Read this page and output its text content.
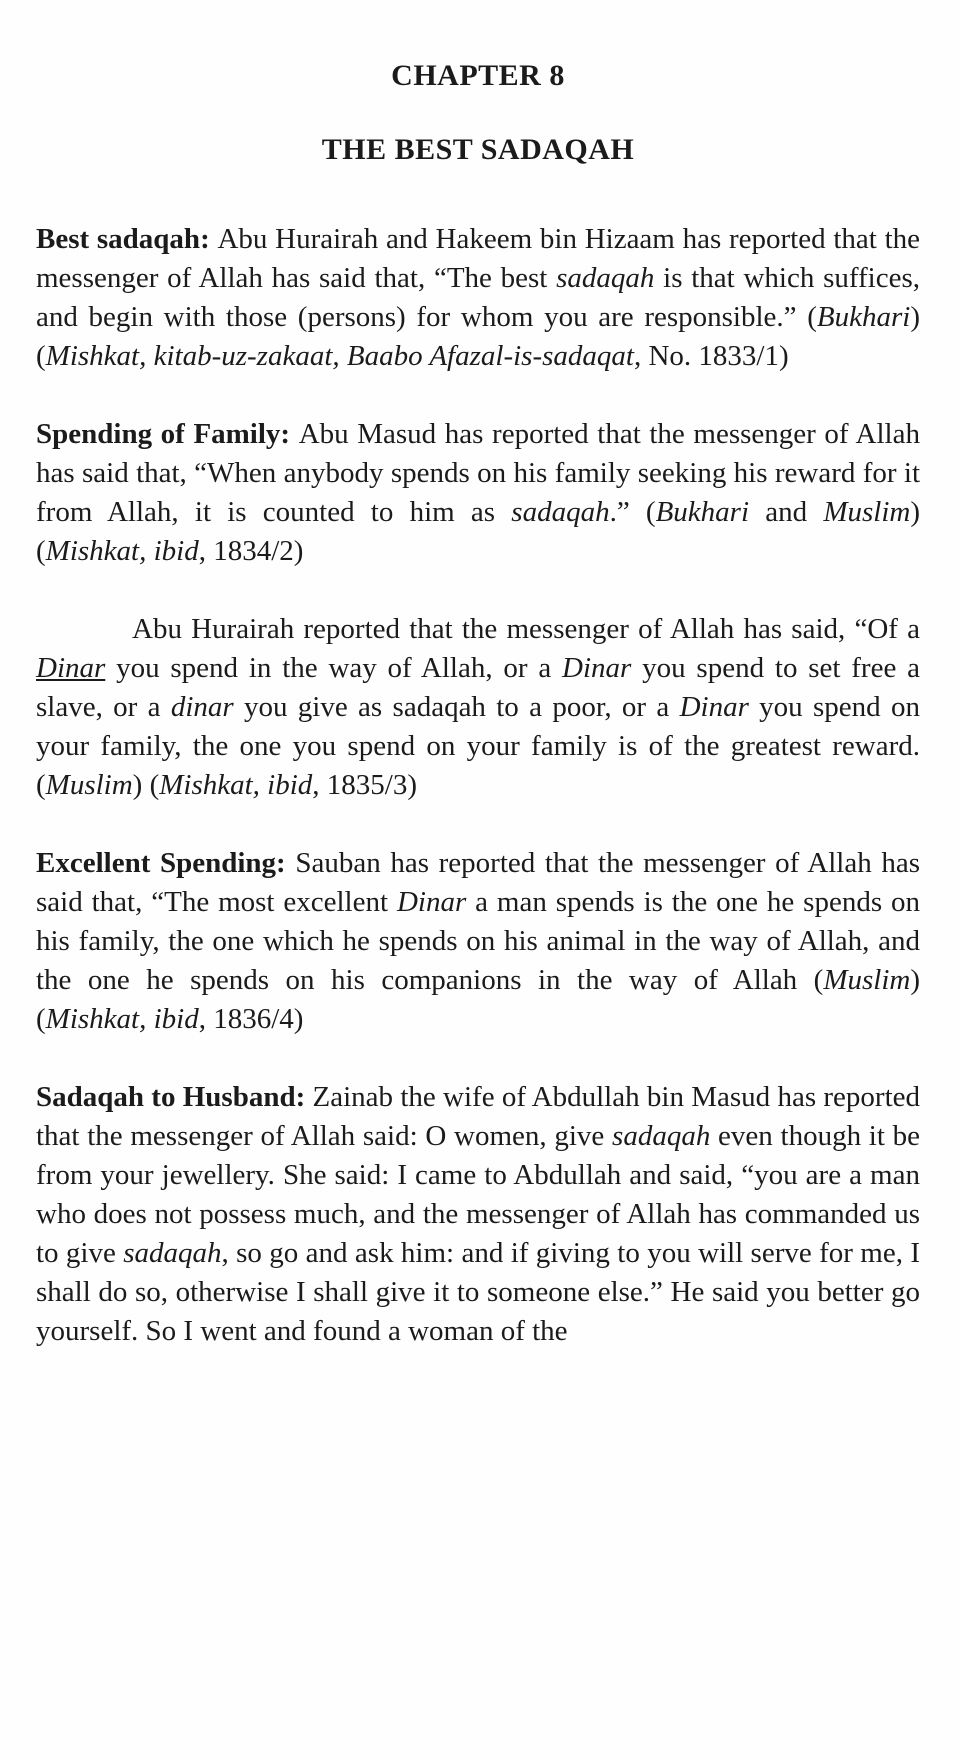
CHAPTER 8
THE BEST SADAQAH

Best sadaqah: Abu Hurairah and Hakeem bin Hizaam has reported that the messenger of Allah has said that, “The best sadaqah is that which suffices, and begin with those (persons) for whom you are responsible.” (Bukhari) (Mishkat, kitab-uz-zakaat, Baabo Afazal-is-sadaqat, No. 1833/1)

Spending of Family: Abu Masud has reported that the messenger of Allah has said that, “When anybody spends on his family seeking his reward for it from Allah, it is counted to him as sadaqah.” (Bukhari and Muslim) (Mishkat, ibid, 1834/2)

Abu Hurairah reported that the messenger of Allah has said, “Of a Dinar you spend in the way of Allah, or a Dinar you spend to set free a slave, or a dinar you give as sadaqah to a poor, or a Dinar you spend on your family, the one you spend on your family is of the greatest reward. (Muslim) (Mishkat, ibid, 1835/3)

Excellent Spending: Sauban has reported that the messenger of Allah has said that, “The most excellent Dinar a man spends is the one he spends on his family, the one which he spends on his animal in the way of Allah, and the one he spends on his companions in the way of Allah (Muslim) (Mishkat, ibid, 1836/4)

Sadaqah to Husband: Zainab the wife of Abdullah bin Masud has reported that the messenger of Allah said: O women, give sadaqah even though it be from your jewellery. She said: I came to Abdullah and said, “you are a man who does not possess much, and the messenger of Allah has commanded us to give sadaqah, so go and ask him: and if giving to you will serve for me, I shall do so, otherwise I shall give it to someone else.” He said you better go yourself. So I went and found a woman of the
